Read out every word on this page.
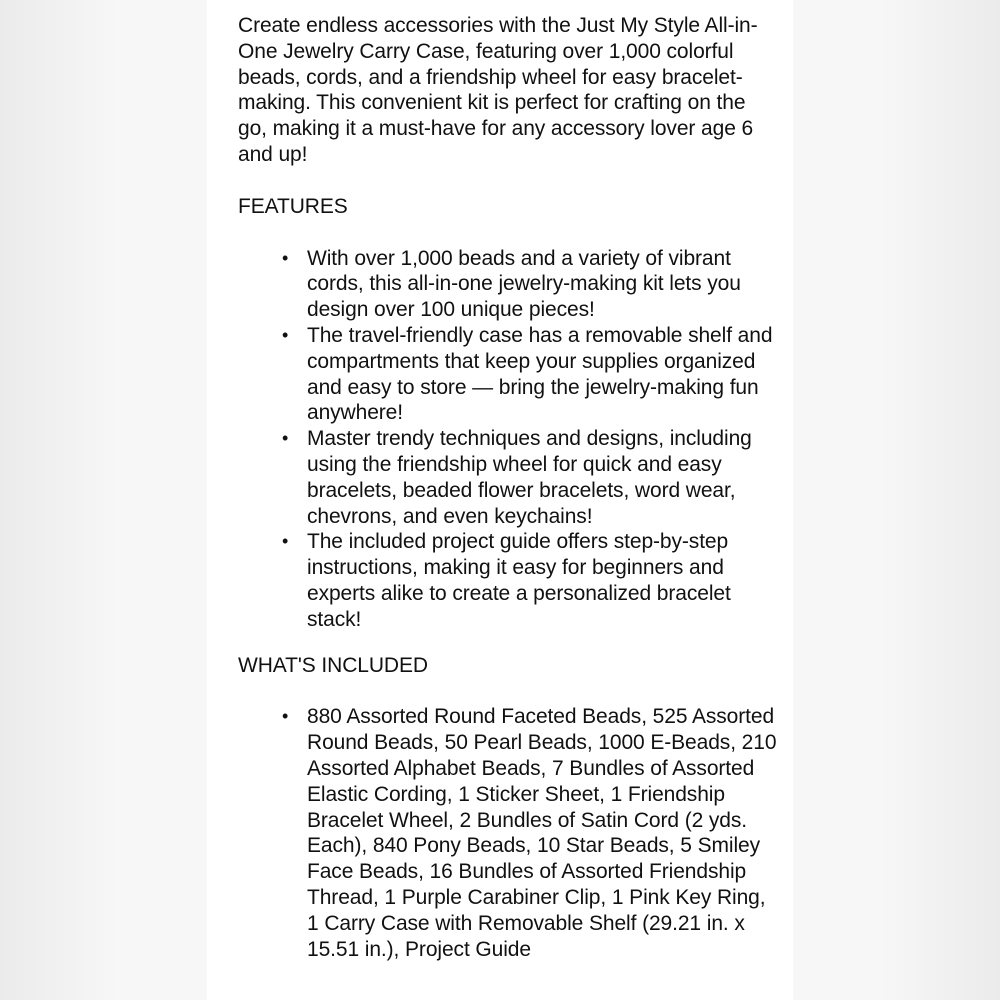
Create endless accessories with the Just My Style All-in-One Jewelry Carry Case, featuring over 1,000 colorful beads, cords, and a friendship wheel for easy bracelet-making. This convenient kit is perfect for crafting on the go, making it a must-have for any accessory lover age 6 and up!

FEATURES

• With over 1,000 beads and a variety of vibrant cords, this all-in-one jewelry-making kit lets you design over 100 unique pieces!
• The travel-friendly case has a removable shelf and compartments that keep your supplies organized and easy to store — bring the jewelry-making fun anywhere!
• Master trendy techniques and designs, including using the friendship wheel for quick and easy bracelets, beaded flower bracelets, word wear, chevrons, and even keychains!
• The included project guide offers step-by-step instructions, making it easy for beginners and experts alike to create a personalized bracelet stack!

WHAT'S INCLUDED

• 880 Assorted Round Faceted Beads, 525 Assorted Round Beads, 50 Pearl Beads, 1000 E-Beads, 210 Assorted Alphabet Beads, 7 Bundles of Assorted Elastic Cording, 1 Sticker Sheet, 1 Friendship Bracelet Wheel, 2 Bundles of Satin Cord (2 yds. Each), 840 Pony Beads, 10 Star Beads, 5 Smiley Face Beads, 16 Bundles of Assorted Friendship Thread, 1 Purple Carabiner Clip, 1 Pink Key Ring, 1 Carry Case with Removable Shelf (29.21 in. x 15.51 in.), Project Guide
